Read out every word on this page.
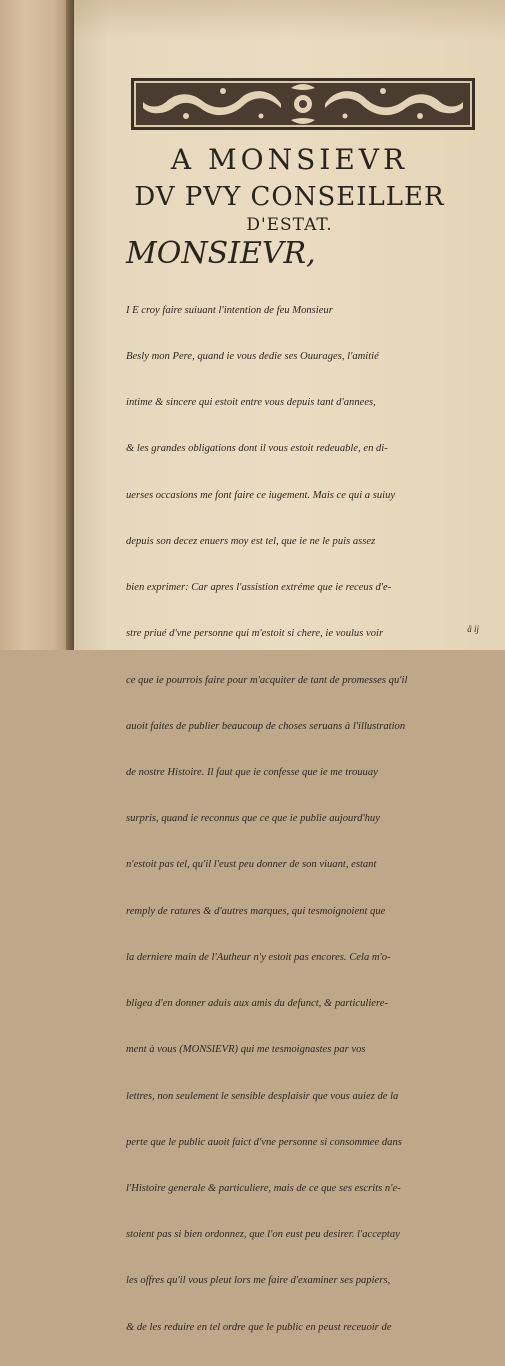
A MONSIEVR
DV PVY CONSEILLER
D'ESTAT.
MONSIEVR,

I E croy faire suiuant l'intention de feu Monsieur

Besly mon Pere, quand ie vous dedie ses Ouurages, l'amitié

intime & sincere qui estoit entre vous depuis tant d'annees,

& les grandes obligations dont il vous estoit redeuable, en di-

uerses occasions me font faire ce iugement. Mais ce qui a suiuy

depuis son decez enuers moy est tel, que ie ne le puis assez

bien exprimer: Car apres l'assistion extréme que ie receus d'e-

stre priué d'vne personne qui m'estoit si chere, ie voulus voir

ce que ie pourrois faire pour m'acquiter de tant de promesses qu'il

auoit faites de publier beaucoup de choses seruans à l'illustration

de nostre Histoire. Il faut que ie confesse que ie me trouuay

surpris, quand ie reconnus que ce que ie publie aujourd'huy

n'estoit pas tel, qu'il l'eust peu donner de son viuant, estant

remply de ratures & d'autres marques, qui tesmoignoient que

la derniere main de l'Autheur n'y estoit pas encores. Cela m'o-

bligea d'en donner aduis aux amis du defunct, & particuliere-

ment à vous (MONSIEVR) qui me tesmoignastes par vos

lettres, non seulement le sensible desplaisir que vous auiez de la

perte que le public auoit faict d'vne personne si consommee dans

l'Histoire generale & particuliere, mais de ce que ses escrits n'e-

stoient pas si bien ordonnez, que l'on eust peu desirer. l'acceptay

les offres qu'il vous pleut lors me faire d'examiner ses papiers,

& de les reduire en tel ordre que le public en peust receuoir de

â ij
